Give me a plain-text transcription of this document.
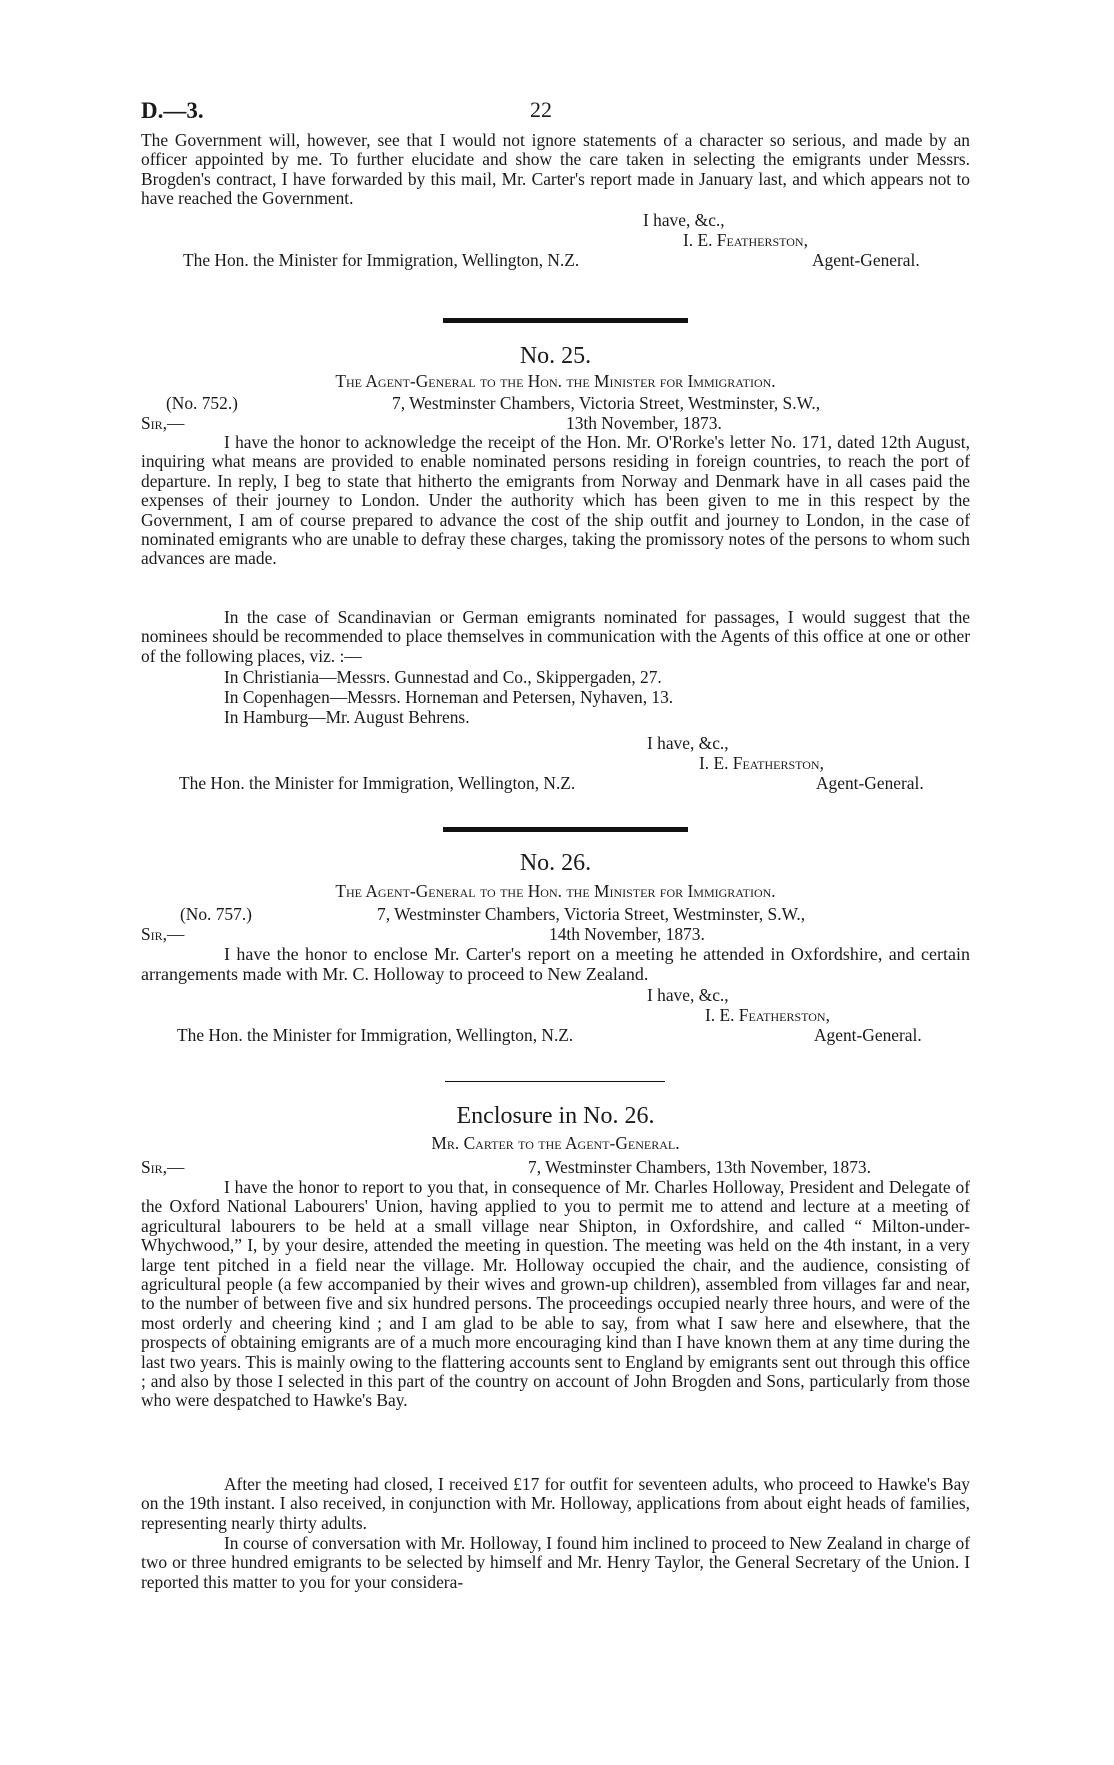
D.—3.	22

The Government will, however, see that I would not ignore statements of a character so serious, and made by an officer appointed by me. To further elucidate and show the care taken in selecting the emigrants under Messrs. Brogden's contract, I have forwarded by this mail, Mr. Carter's report made in January last, and which appears not to have reached the Government.

I have, &c.,
I. E. Featherston,
The Hon. the Minister for Immigration, Wellington, N.Z.	Agent-General.
No. 25.
The Agent-General to the Hon. the Minister for Immigration.
(No. 752.)	7, Westminster Chambers, Victoria Street, Westminster, S.W.,
Sir,—	13th November, 1873.

I have the honor to acknowledge the receipt of the Hon. Mr. O'Rorke's letter No. 171, dated 12th August, inquiring what means are provided to enable nominated persons residing in foreign countries, to reach the port of departure. In reply, I beg to state that hitherto the emigrants from Norway and Denmark have in all cases paid the expenses of their journey to London. Under the authority which has been given to me in this respect by the Government, I am of course prepared to advance the cost of the ship outfit and journey to London, in the case of nominated emigrants who are unable to defray these charges, taking the promissory notes of the persons to whom such advances are made.

In the case of Scandinavian or German emigrants nominated for passages, I would suggest that the nominees should be recommended to place themselves in communication with the Agents of this office at one or other of the following places, viz. :—

In Christiania—Messrs. Gunnestad and Co., Skippergaden, 27.
In Copenhagen—Messrs. Horneman and Petersen, Nyhaven, 13.
In Hamburg—Mr. August Behrens.
I have, &c.,
I. E. Featherston,
The Hon. the Minister for Immigration, Wellington, N.Z.	Agent-General.
No. 26.
The Agent-General to the Hon. the Minister for Immigration.
(No. 757.)	7, Westminster Chambers, Victoria Street, Westminster, S.W.,
Sir,—	14th November, 1873.

I have the honor to enclose Mr. Carter's report on a meeting he attended in Oxfordshire, and certain arrangements made with Mr. C. Holloway to proceed to New Zealand.

I have, &c.,
I. E. Featherston,
The Hon. the Minister for Immigration, Wellington, N.Z.	Agent-General.
Enclosure in No. 26.
Mr. Carter to the Agent-General.
Sir,—	7, Westminster Chambers, 13th November, 1873.

I have the honor to report to you that, in consequence of Mr. Charles Holloway, President and Delegate of the Oxford National Labourers' Union, having applied to you to permit me to attend and lecture at a meeting of agricultural labourers to be held at a small village near Shipton, in Oxfordshire, and called “ Milton-under-Whychwood,” I, by your desire, attended the meeting in question. The meeting was held on the 4th instant, in a very large tent pitched in a field near the village. Mr. Holloway occupied the chair, and the audience, consisting of agricultural people (a few accompanied by their wives and grown-up children), assembled from villages far and near, to the number of between five and six hundred persons. The proceedings occupied nearly three hours, and were of the most orderly and cheering kind ; and I am glad to be able to say, from what I saw here and elsewhere, that the prospects of obtaining emigrants are of a much more encouraging kind than I have known them at any time during the last two years. This is mainly owing to the flattering accounts sent to England by emigrants sent out through this office ; and also by those I selected in this part of the country on account of John Brogden and Sons, particularly from those who were despatched to Hawke's Bay.

After the meeting had closed, I received £17 for outfit for seventeen adults, who proceed to Hawke's Bay on the 19th instant. I also received, in conjunction with Mr. Holloway, applications from about eight heads of families, representing nearly thirty adults.

In course of conversation with Mr. Holloway, I found him inclined to proceed to New Zealand in charge of two or three hundred emigrants to be selected by himself and Mr. Henry Taylor, the General Secretary of the Union. I reported this matter to you for your considera-
